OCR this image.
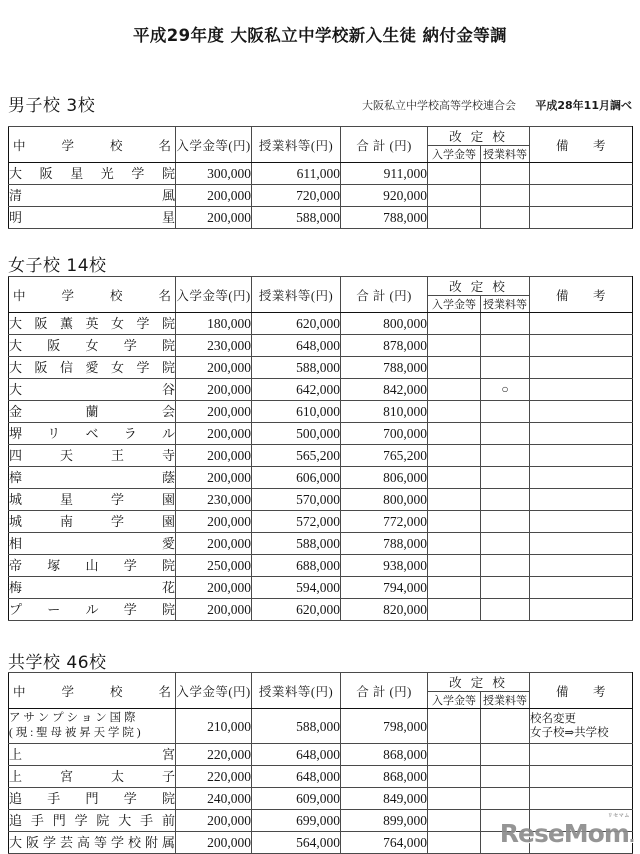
平成29年度 大阪私立中学校新入生徒 納付金等調
男子校 3校	大阪私立中学校高等学校連合会 平成28年11月調べ
中　学　校　名	入学金等(円)	授業料等(円)	合 計 (円)	改 定 校		備　考

				入学金等	授業料等	

大 阪 星 光 学 院	300,000	611,000	911,000			

清　　　　　　風	200,000	720,000	920,000			

明　　　　　　星	200,000	588,000	788,000			
女子校 14校
中　学　校　名	入学金等(円)	授業料等(円)	合 計 (円)	改 定 校		備　考

				入学金等	授業料等	

大 阪 薫 英 女 学 院	180,000	620,000	800,000			

大　阪　女　学　院	230,000	648,000	878,000			

大 阪 信 愛 女 学 院	200,000	588,000	788,000			

大　　　　　　　谷	200,000	642,000	842,000		○	

金　　蘭　　会	200,000	610,000	810,000			

堺　リ　ベ　ラ　ル	200,000	500,000	700,000			

四　天　王　寺	200,000	565,200	765,200			

樟　　　　　　蔭	200,000	606,000	806,000			

城　星　学　園	230,000	570,000	800,000			

城　南　学　園	200,000	572,000	772,000			

相　　　　　　愛	200,000	588,000	788,000			

帝　塚　山　学　院	250,000	688,000	938,000			

梅　　　　　　花	200,000	594,000	794,000			

プ　ー　ル　学　院	200,000	620,000	820,000			
共学校 46校
中　学　校　名	入学金等(円)	授業料等(円)	合 計 (円)	改 定 校		備　考

				入学金等	授業料等	

ア サ ン プ シ ョ ン 国 際
( 現 : 聖 母 被 昇 天 学 院 )	210,000	588,000	798,000			校名変更
女子校⇒共学校

上　　　　　　宮	220,000	648,000	868,000			

上　宮　太　子	220,000	648,000	868,000			

追　手　門　学　院	240,000	609,000	849,000			

追 手 門 学 院 大 手 前	200,000	699,000	899,000			

大阪学芸高等学校附属	200,000	564,000	764,000			
リセマム
ReseMom.
